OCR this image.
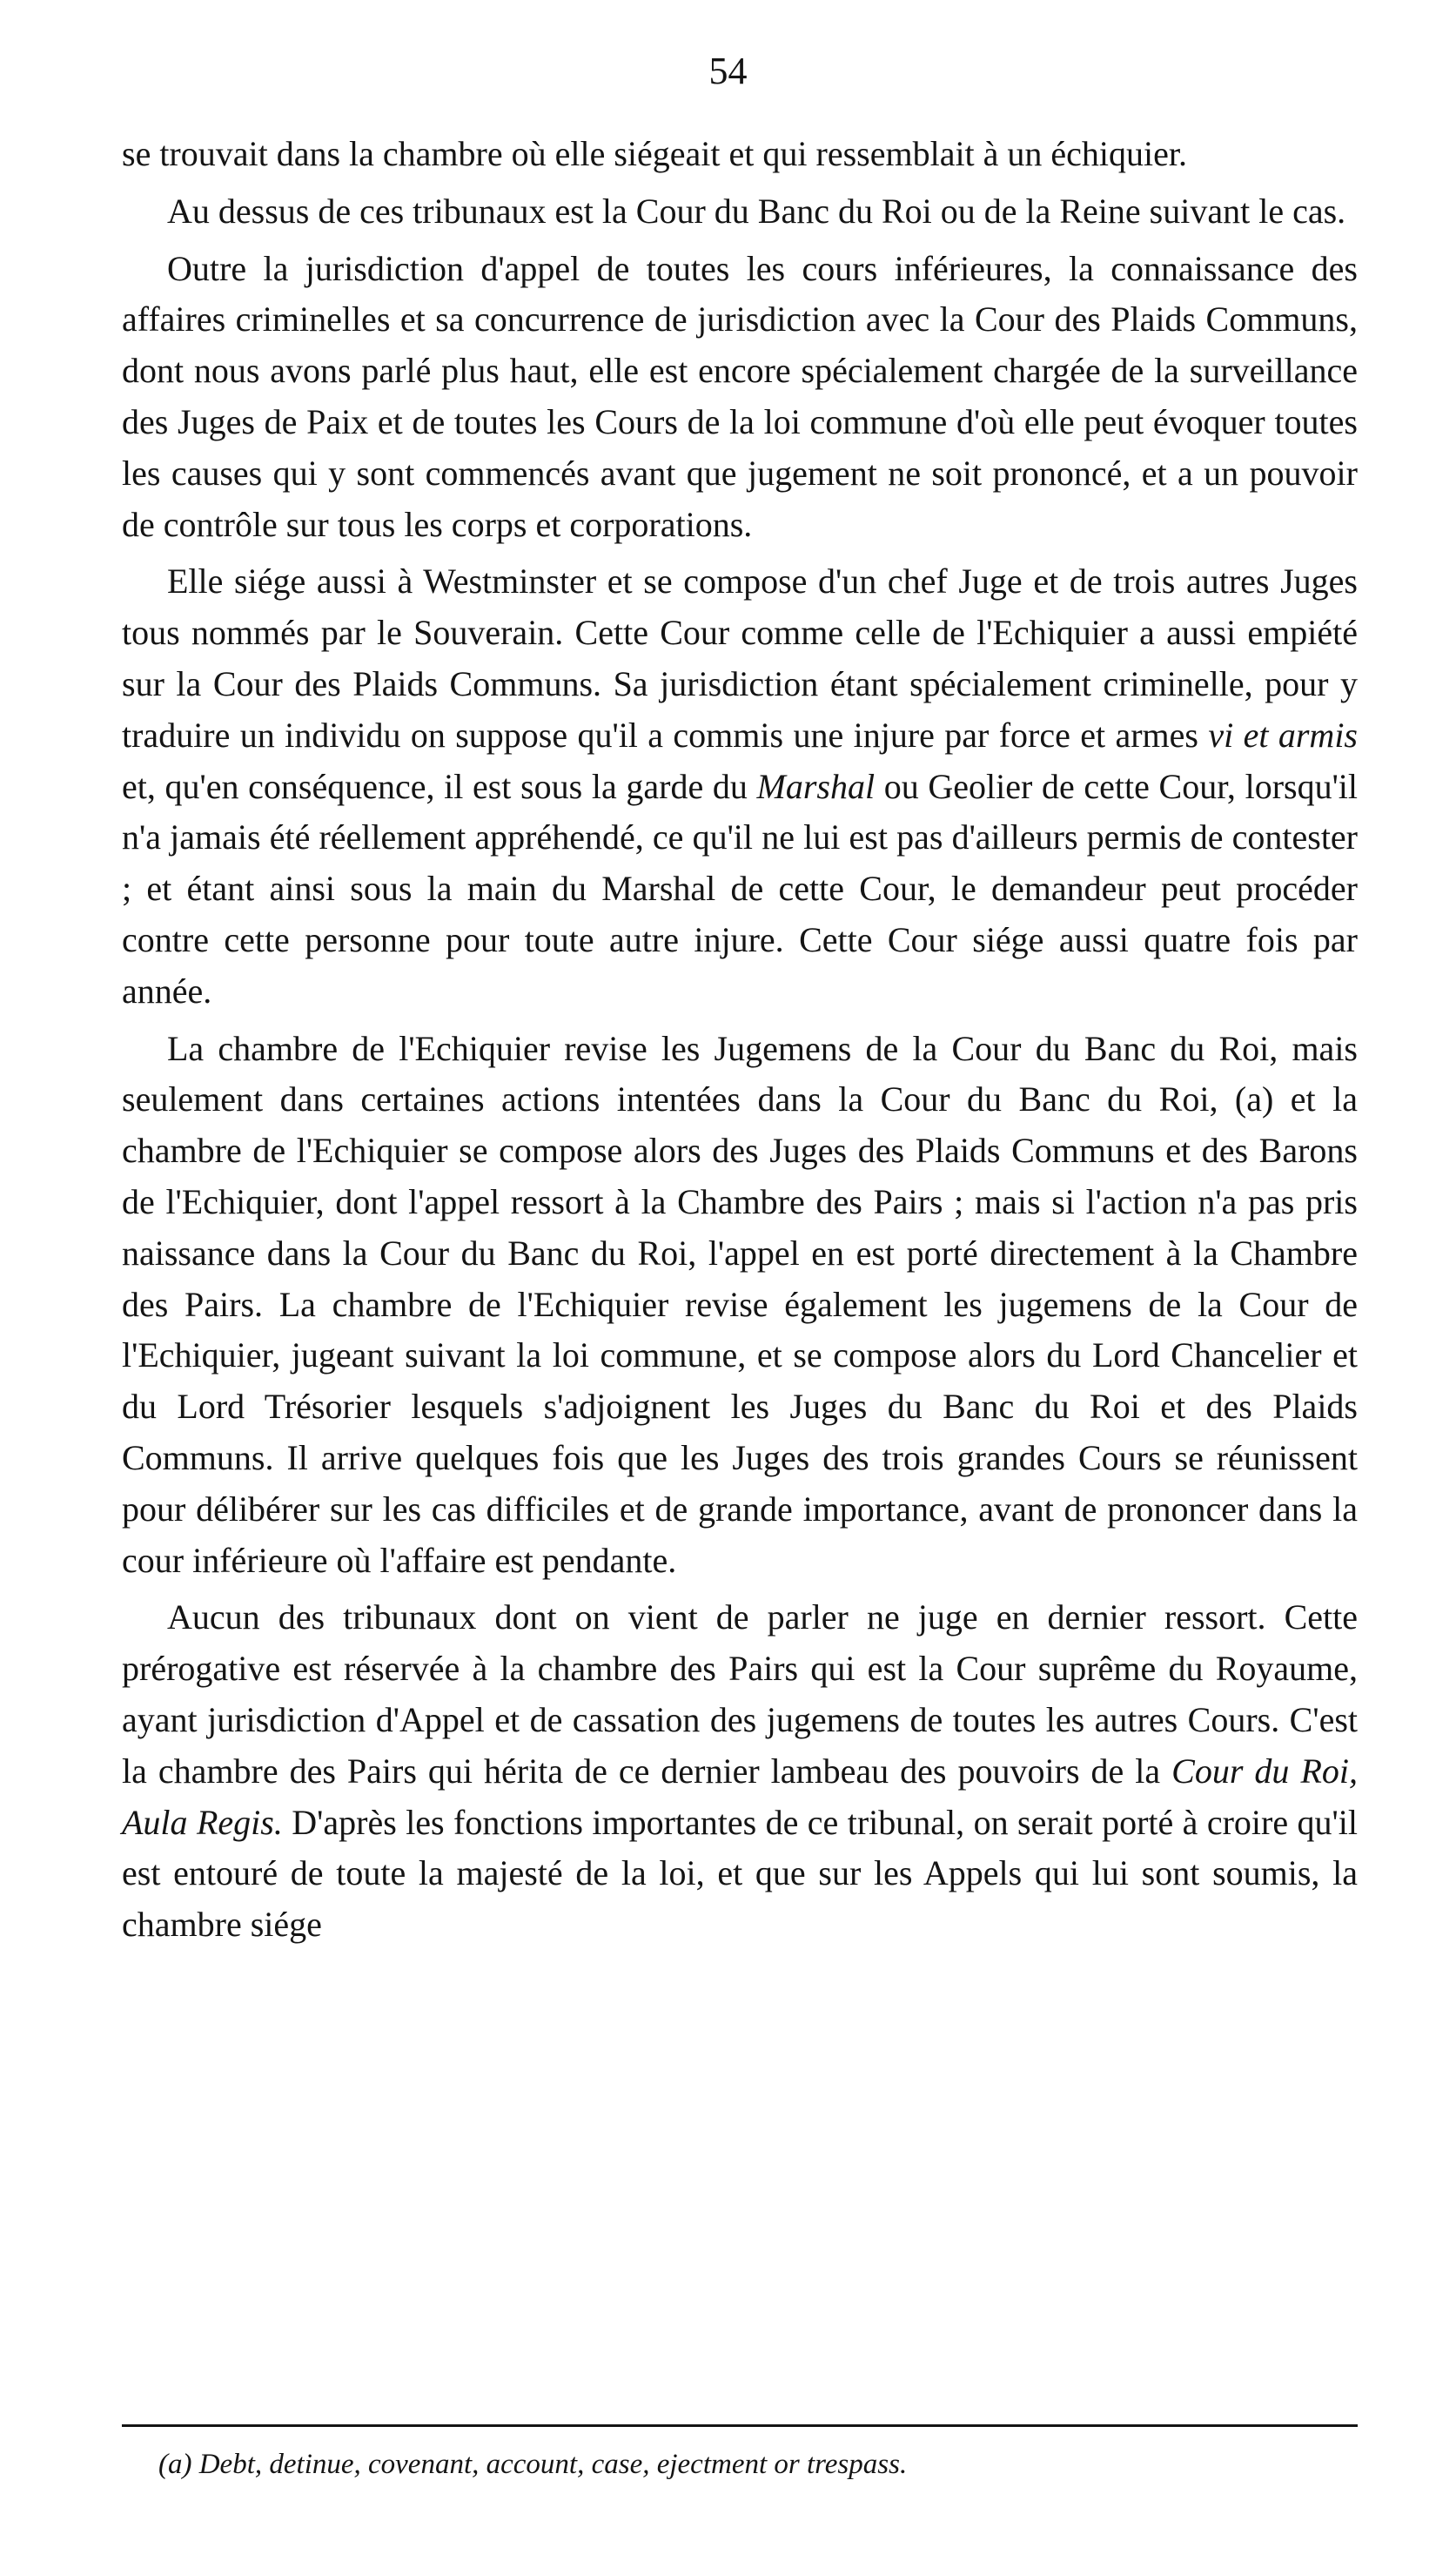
54

se trouvait dans la chambre où elle siégeait et qui ressemblait à un échiquier.

Au dessus de ces tribunaux est la Cour du Banc du Roi ou de la Reine suivant le cas.

Outre la jurisdiction d'appel de toutes les cours inférieures, la connaissance des affaires criminelles et sa concurrence de jurisdiction avec la Cour des Plaids Communs, dont nous avons parlé plus haut, elle est encore spécialement chargée de la surveillance des Juges de Paix et de toutes les Cours de la loi commune d'où elle peut évoquer toutes les causes qui y sont commencés avant que jugement ne soit prononcé, et a un pouvoir de contrôle sur tous les corps et corporations.

Elle siége aussi à Westminster et se compose d'un chef Juge et de trois autres Juges tous nommés par le Souverain. Cette Cour comme celle de l'Echiquier a aussi empiété sur la Cour des Plaids Communs. Sa jurisdiction étant spécialement criminelle, pour y traduire un individu on suppose qu'il a commis une injure par force et armes vi et armis et, qu'en conséquence, il est sous la garde du Marshal ou Geolier de cette Cour, lorsqu'il n'a jamais été réellement appréhendé, ce qu'il ne lui est pas d'ailleurs permis de contester ; et étant ainsi sous la main du Marshal de cette Cour, le demandeur peut procéder contre cette personne pour toute autre injure. Cette Cour siége aussi quatre fois par année.

La chambre de l'Echiquier revise les Jugemens de la Cour du Banc du Roi, mais seulement dans certaines actions intentées dans la Cour du Banc du Roi, (a) et la chambre de l'Echiquier se compose alors des Juges des Plaids Communs et des Barons de l'Echiquier, dont l'appel ressort à la Chambre des Pairs ; mais si l'action n'a pas pris naissance dans la Cour du Banc du Roi, l'appel en est porté directement à la Chambre des Pairs. La chambre de l'Echiquier revise également les jugemens de la Cour de l'Echiquier, jugeant suivant la loi commune, et se compose alors du Lord Chancelier et du Lord Trésorier lesquels s'adjoignent les Juges du Banc du Roi et des Plaids Communs. Il arrive quelques fois que les Juges des trois grandes Cours se réunissent pour délibérer sur les cas difficiles et de grande importance, avant de prononcer dans la cour inférieure où l'affaire est pendante.

Aucun des tribunaux dont on vient de parler ne juge en dernier ressort. Cette prérogative est réservée à la chambre des Pairs qui est la Cour suprême du Royaume, ayant jurisdiction d'Appel et de cassation des jugemens de toutes les autres Cours. C'est la chambre des Pairs qui hérita de ce dernier lambeau des pouvoirs de la Cour du Roi, Aula Regis. D'après les fonctions importantes de ce tribunal, on serait porté à croire qu'il est entouré de toute la majesté de la loi, et que sur les Appels qui lui sont soumis, la chambre siége

(a) Debt, detinue, covenant, account, case, ejectment or trespass.
